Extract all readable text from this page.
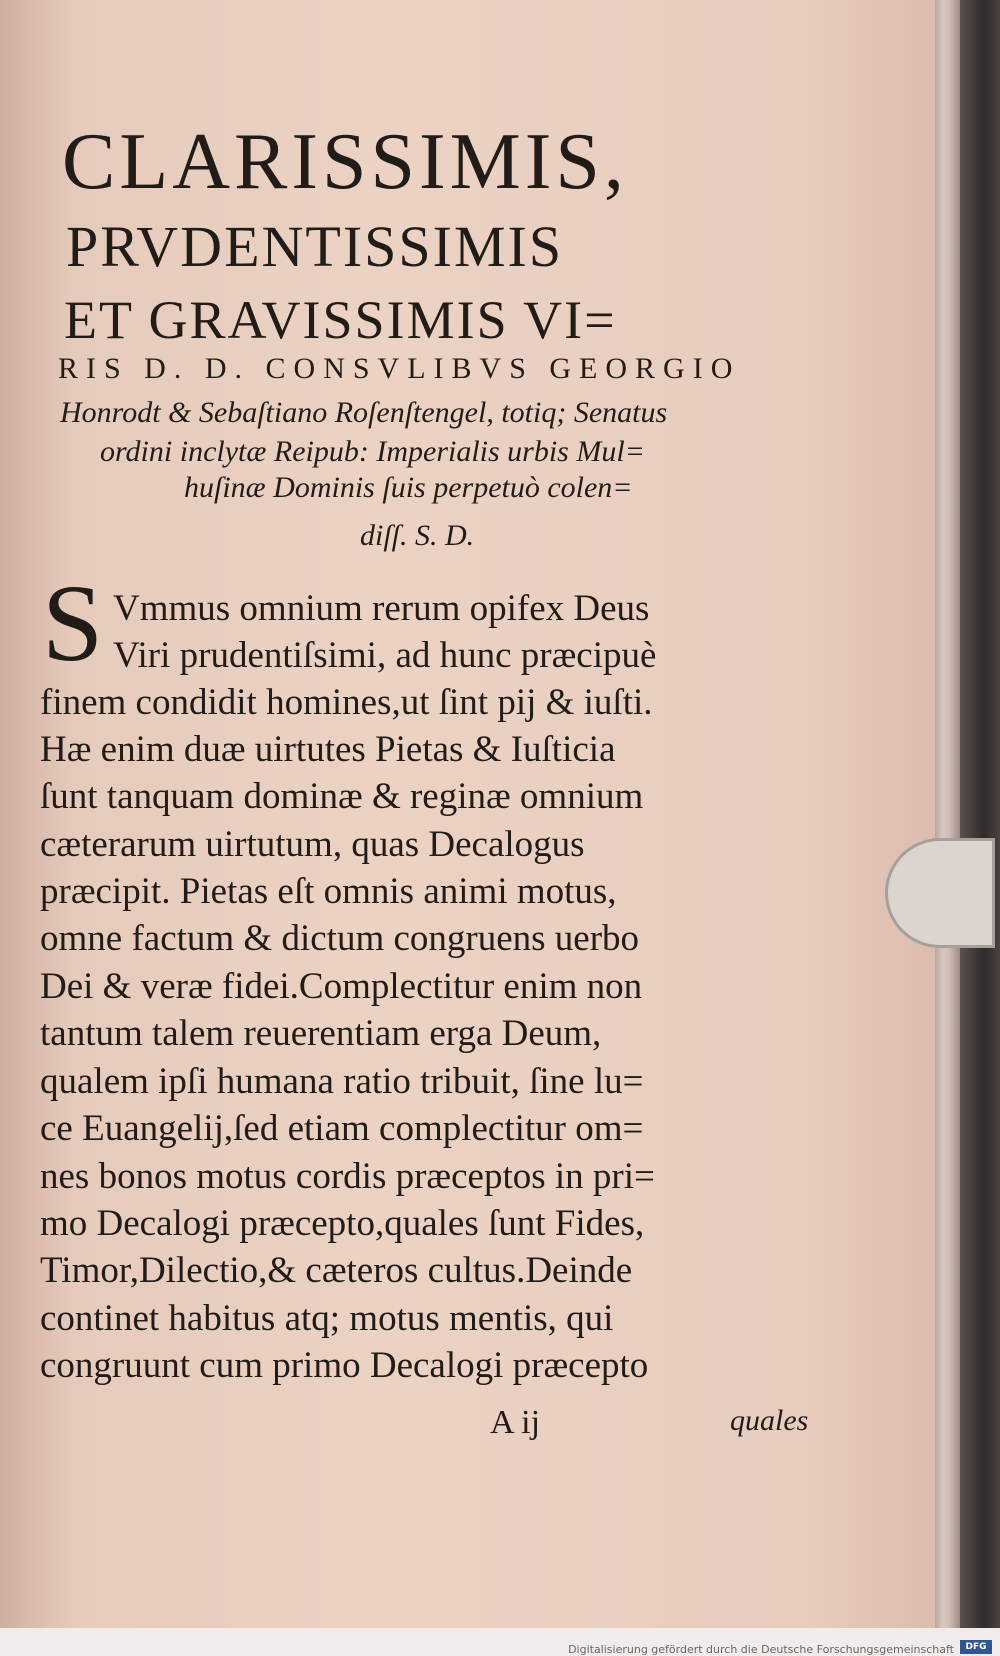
CLARISSIMIS,
PRVDENTISSIMIS
ET GRAVISSIMIS VI=
RIS D. D. CONSVLIBVS GEORGIO
Honrodt & Sebaſtiano Roſenſtengel, totiq; Senatus
ordini inclytæ Reipub: Imperialis urbis Mul=
huſinæ Dominis ſuis perpetuò colen=
diſſ. S. D.
S Vmmus omnium rerum opifex Deus
Viri prudentiſsimi, ad hunc præcipuè
finem condidit homines,ut ſint pij & iuſti.
Hæ enim duæ uirtutes Pietas & Iuſticia
ſunt tanquam dominæ & reginæ omnium
cæterarum uirtutum, quas Decalogus
præcipit. Pietas eſt omnis animi motus,
omne factum & dictum congruens uerbo
Dei & veræ fidei.Complectitur enim non
tantum talem reuerentiam erga Deum,
qualem ipſi humana ratio tribuit, ſine lu=
ce Euangelij,ſed etiam complectitur om=
nes bonos motus cordis præceptos in pri=
mo Decalogi præcepto,quales ſunt Fides,
Timor,Dilectio,& cæteros cultus.Deinde
continet habitus atq; motus mentis, qui
congruunt cum primo Decalogi præcepto
A ij	quales
Digitalisierung gefördert durch die Deutsche Forschungsgemeinschaft	DFG
